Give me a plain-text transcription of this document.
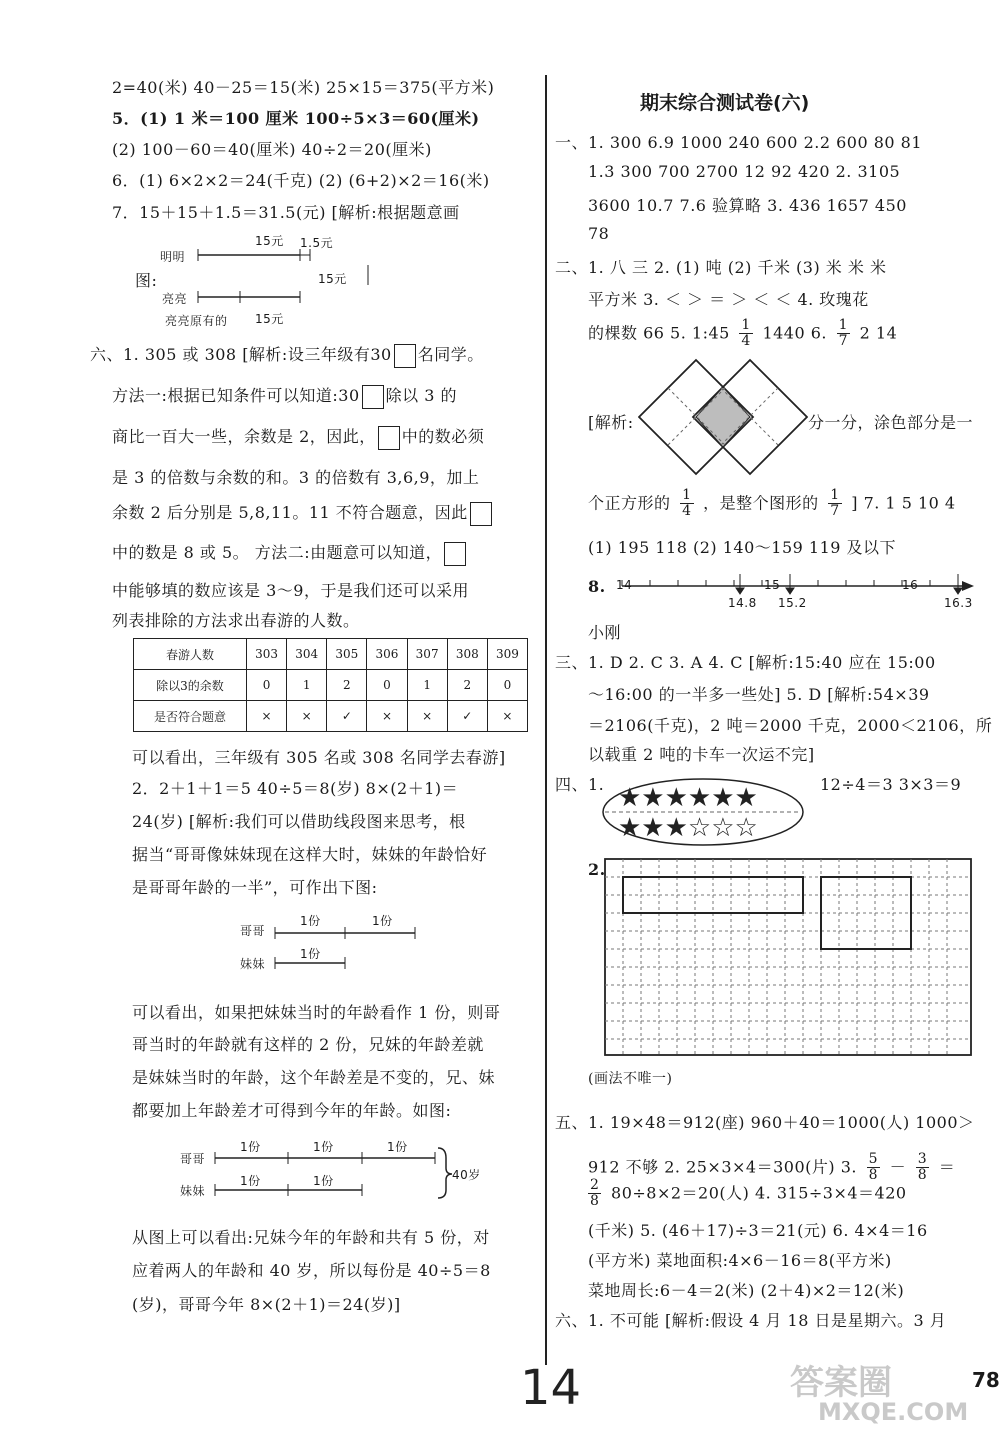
2=40(米) 40－25＝15(米) 25×15＝375(平方米)
5．(1) 1 米＝100 厘米 100÷5×3＝60(厘米)
(2) 100－60＝40(厘米) 40÷2＝20(厘米)
6．(1) 6×2×2＝24(千克) (2) (6+2)×2＝16(米)
7．15＋15＋1.5＝31.5(元) [解析:根据题意画
明明
15元 1.5元
15元
图:
亮亮
亮亮原有的 15元
六、1. 305 或 308 [解析:设三年级有30 名同学。
方法一:根据已知条件可以知道:30 除以 3 的
商比一百大一些，余数是 2，因此， 中的数必须
是 3 的倍数与余数的和。3 的倍数有 3,6,9，加上
余数 2 后分别是 5,8,11。11 不符合题意，因此
中的数是 8 或 5。 方法二:由题意可以知道，
中能够填的数应该是 3～9，于是我们还可以采用
列表排除的方法求出春游的人数。
春游人数	303	304	305	306	307	308	309
除以3的余数	0	1	2	0	1	2	0
是否符合题意	×	×	✓	×	×	✓	×
可以看出，三年级有 305 名或 308 名同学去春游]
2．2＋1＋1＝5 40÷5＝8(岁) 8×(2＋1)＝
24(岁) [解析:我们可以借助线段图来思考，根
据当“哥哥像妹妹现在这样大时，妹妹的年龄恰好
是哥哥年龄的一半”，可作出下图:
哥哥
妹妹
1份	1份
1份
可以看出，如果把妹妹当时的年龄看作 1 份，则哥
哥当时的年龄就有这样的 2 份，兄妹的年龄差就
是妹妹当时的年龄，这个年龄差是不变的，兄、妹
都要加上年龄差才可得到今年的年龄。如图:
哥哥
妹妹
1份	1份	1份
1份	1份	40岁
从图上可以看出:兄妹今年的年龄和共有 5 份，对
应着两人的年龄和 40 岁，所以每份是 40÷5＝8
(岁)，哥哥今年 8×(2＋1)＝24(岁)]
期末综合测试卷(六)
一、1. 300 6.9 1000 240 600 2.2 600 80 81
1.3 300 700 2700 12 92 420 2. 3105
3600 10.7 7.6 验算略 3. 436 1657 450
78
二、1. 八 三 2. (1) 吨 (2) 千米 (3) 米 米 米
平方米 3. ＜ ＞ ＝ ＞ ＜ ＜ 4. 玫瑰花
的棵数 66 5. 1:45 $\frac{1}{4} 1440$ 6. $\frac{1}{7} 2$ 14
[解析:	分一分，涂色部分是一
个正方形的 $\frac{1}{4}$ ，是整个图形的 $\frac{1}{7}$ ] 7. 1 5 10 4
(1) 195 118 (2) 140～159 119 及以下
8. 14	15	16
14.8 15.2	16.3
小刚
三、1. D 2. C 3. A 4. C [解析:15:40 应在 15:00
～16:00 的一半多一些处] 5. D [解析:54×39
＝2106(千克)，2 吨＝2000 千克，2000＜2106，所
以载重 2 吨的卡车一次运不完]
四、1. ★★★★★★
★★★☆☆☆
12÷4＝3 3×3＝9
2.
(画法不唯一)
五、1. 19×48＝912(座) 960＋40＝1000(人) 1000＞
912 不够 2. 25×3×4＝300(片) 3. $\frac{5}{8} - \frac{3}{8}$ ＝
$\frac{2}{8} 80\div 8\times 2=20$(人) 4. 315÷3×4＝420
(千米) 5. (46＋17)÷3＝21(元) 6. 4×4＝16
(平方米) 菜地面积:4×6－16＝8(平方米)
菜地周长:6－4＝2(米) (2＋4)×2＝12(米)
六、1. 不可能 [解析:假设 4 月 18 日是星期六。3 月
14	答案圈
MXQE.COM
78
